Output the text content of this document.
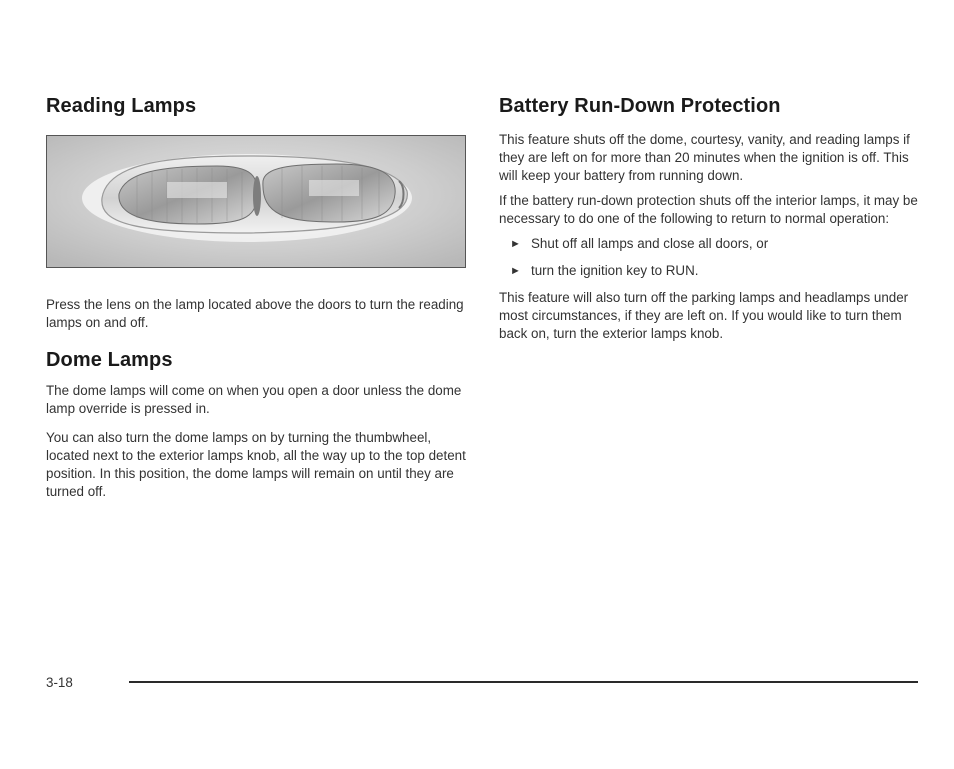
Reading Lamps

Press the lens on the lamp located above the doors to turn the reading lamps on and off.

Dome Lamps

The dome lamps will come on when you open a door unless the dome lamp override is pressed in.

You can also turn the dome lamps on by turning the thumbwheel, located next to the exterior lamps knob, all the way up to the top detent position. In this position, the dome lamps will remain on until they are turned off.

Battery Run-Down Protection

This feature shuts off the dome, courtesy, vanity, and reading lamps if they are left on for more than 20 minutes when the ignition is off. This will keep your battery from running down.

If the battery run-down protection shuts off the interior lamps, it may be necessary to do one of the following to return to normal operation:

► Shut off all lamps and close all doors, or
► turn the ignition key to RUN.

This feature will also turn off the parking lamps and headlamps under most circumstances, if they are left on. If you would like to turn them back on, turn the exterior lamps knob.

3-18
